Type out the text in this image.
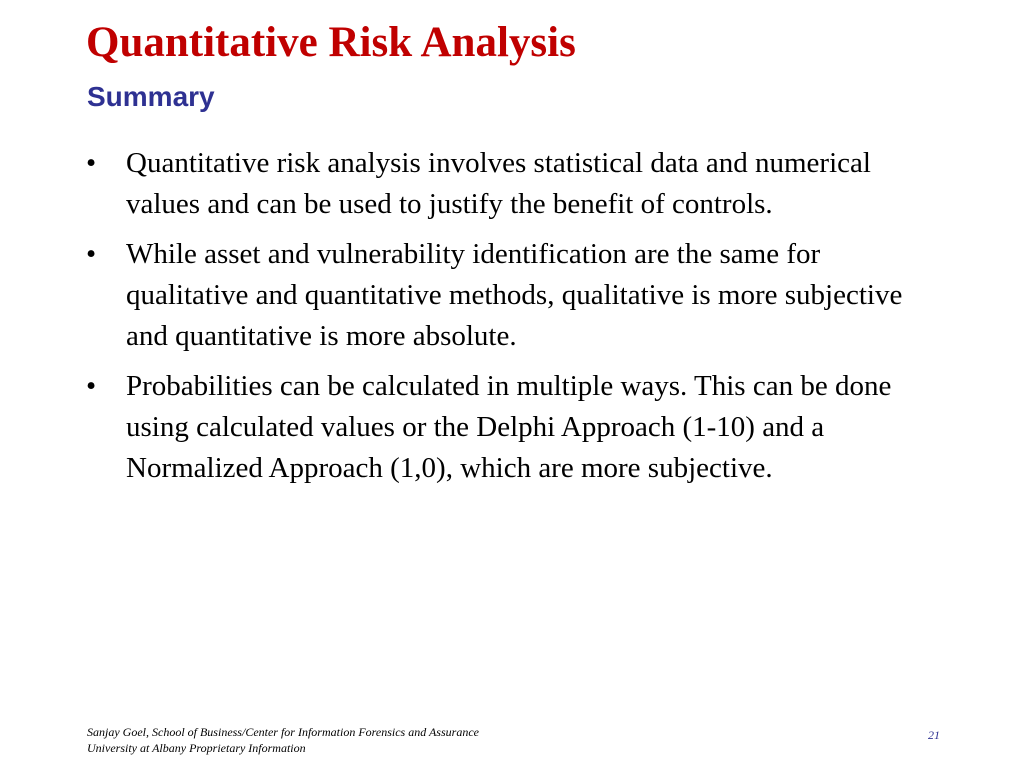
Quantitative Risk Analysis
Summary
•	Quantitative risk analysis involves statistical data and numerical values and can be used to justify the benefit of controls.
•	While asset and vulnerability identification are the same for qualitative and quantitative methods, qualitative is more subjective and quantitative is more absolute.
•	Probabilities can be calculated in multiple ways. This can be done using calculated values or the Delphi Approach (1-10) and a Normalized Approach (1,0), which are more subjective.
Sanjay Goel, School of Business/Center for Information Forensics and Assurance
University at Albany Proprietary Information
21
